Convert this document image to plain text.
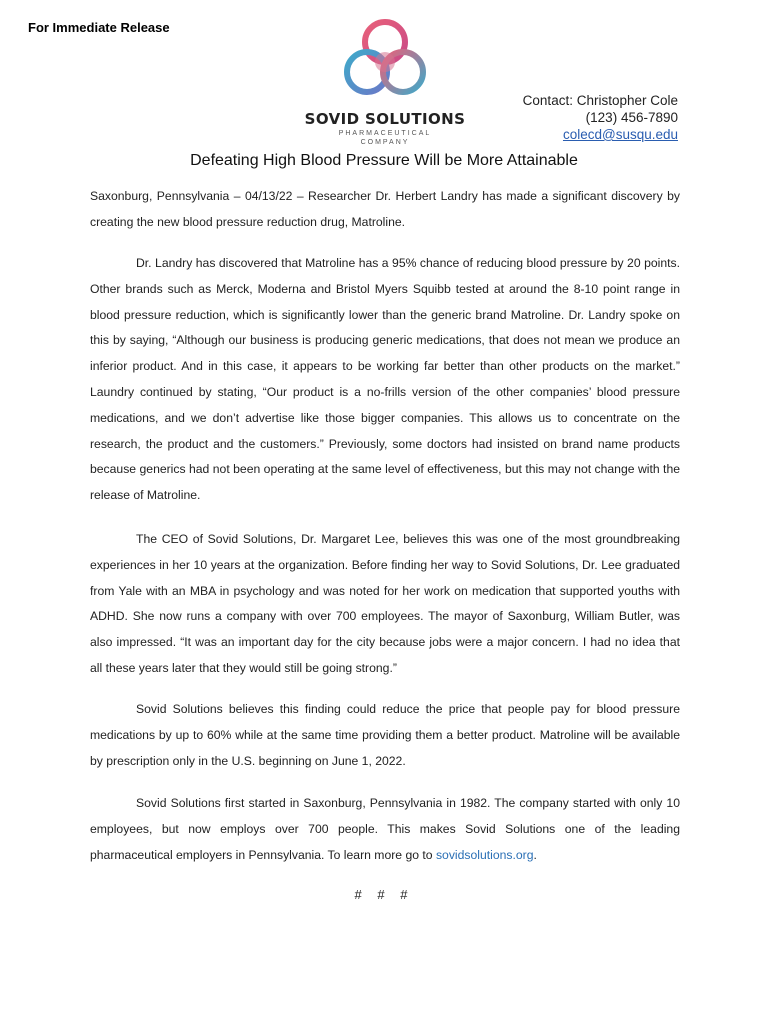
For Immediate Release
SOVID SOLUTIONS
PHARMACEUTICAL
COMPANY
Contact: Christopher Cole
(123) 456-7890
colecd@susqu.edu
Defeating High Blood Pressure Will be More Attainable

Saxonburg, Pennsylvania – 04/13/22 – Researcher Dr. Herbert Landry has made a significant discovery by creating the new blood pressure reduction drug, Matroline.

Dr. Landry has discovered that Matroline has a 95% chance of reducing blood pressure by 20 points. Other brands such as Merck, Moderna and Bristol Myers Squibb tested at around the 8-10 point range in blood pressure reduction, which is significantly lower than the generic brand Matroline. Dr. Landry spoke on this by saying, “Although our business is producing generic medications, that does not mean we produce an inferior product. And in this case, it appears to be working far better than other products on the market.” Laundry continued by stating, “Our product is a no-frills version of the other companies’ blood pressure medications, and we don’t advertise like those bigger companies. This allows us to concentrate on the research, the product and the customers.” Previously, some doctors had insisted on brand name products because generics had not been operating at the same level of effectiveness, but this may not change with the release of Matroline.

The CEO of Sovid Solutions, Dr. Margaret Lee, believes this was one of the most groundbreaking experiences in her 10 years at the organization. Before finding her way to Sovid Solutions, Dr. Lee graduated from Yale with an MBA in psychology and was noted for her work on medication that supported youths with ADHD. She now runs a company with over 700 employees. The mayor of Saxonburg, William Butler, was also impressed. “It was an important day for the city because jobs were a major concern. I had no idea that all these years later that they would still be going strong.”

Sovid Solutions believes this finding could reduce the price that people pay for blood pressure medications by up to 60% while at the same time providing them a better product. Matroline will be available by prescription only in the U.S. beginning on June 1, 2022.

Sovid Solutions first started in Saxonburg, Pennsylvania in 1982. The company started with only 10 employees, but now employs over 700 people. This makes Sovid Solutions one of the leading pharmaceutical employers in Pennsylvania. To learn more go to sovidsolutions.org.

# # #
